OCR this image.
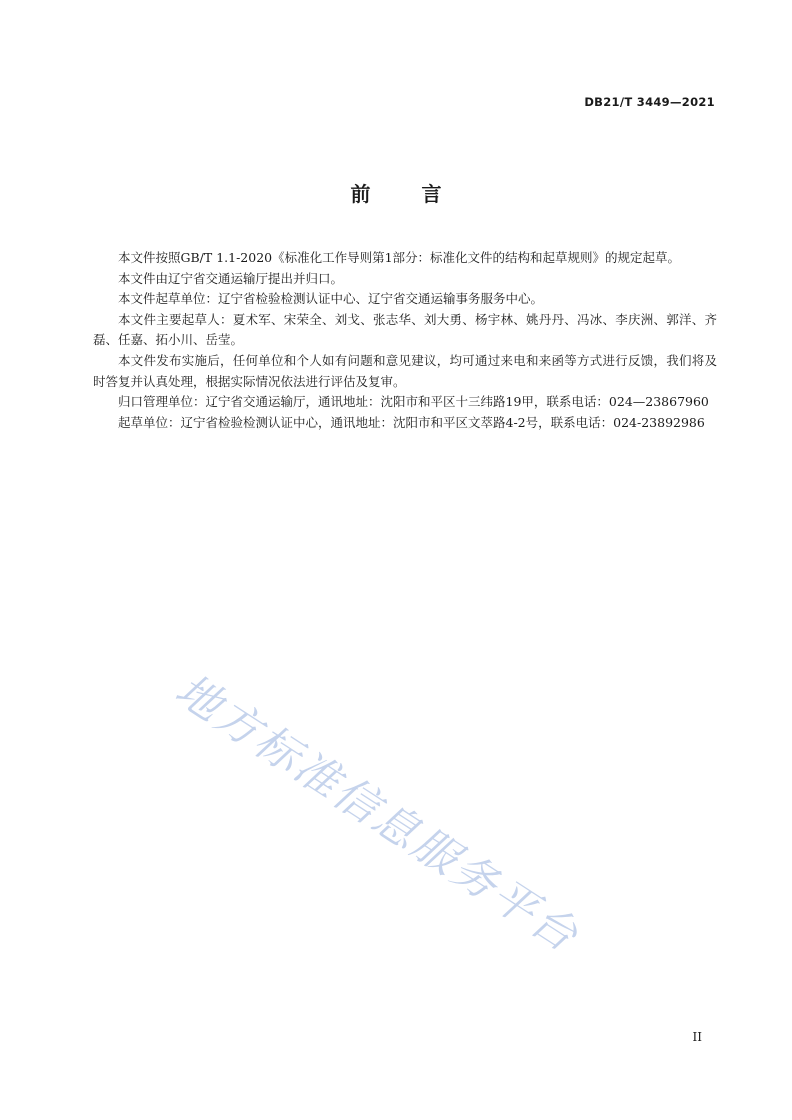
DB21/T 3449—2021
前 言

本文件按照GB/T 1.1-2020《标准化工作导则第1部分：标准化文件的结构和起草规则》的规定起草。

本文件由辽宁省交通运输厅提出并归口。

本文件起草单位：辽宁省检验检测认证中心、辽宁省交通运输事务服务中心。

本文件主要起草人：夏术军、宋荣全、刘戈、张志华、刘大勇、杨宇林、姚丹丹、冯冰、李庆洲、郭洋、齐磊、任嘉、拓小川、岳莹。

本文件发布实施后，任何单位和个人如有问题和意见建议，均可通过来电和来函等方式进行反馈，我们将及时答复并认真处理，根据实际情况依法进行评估及复审。

归口管理单位：辽宁省交通运输厅，通讯地址：沈阳市和平区十三纬路19甲，联系电话：024—23867960

起草单位：辽宁省检验检测认证中心，通讯地址：沈阳市和平区文萃路4-2号，联系电话：024-23892986

地方标准信息服务平台
II
